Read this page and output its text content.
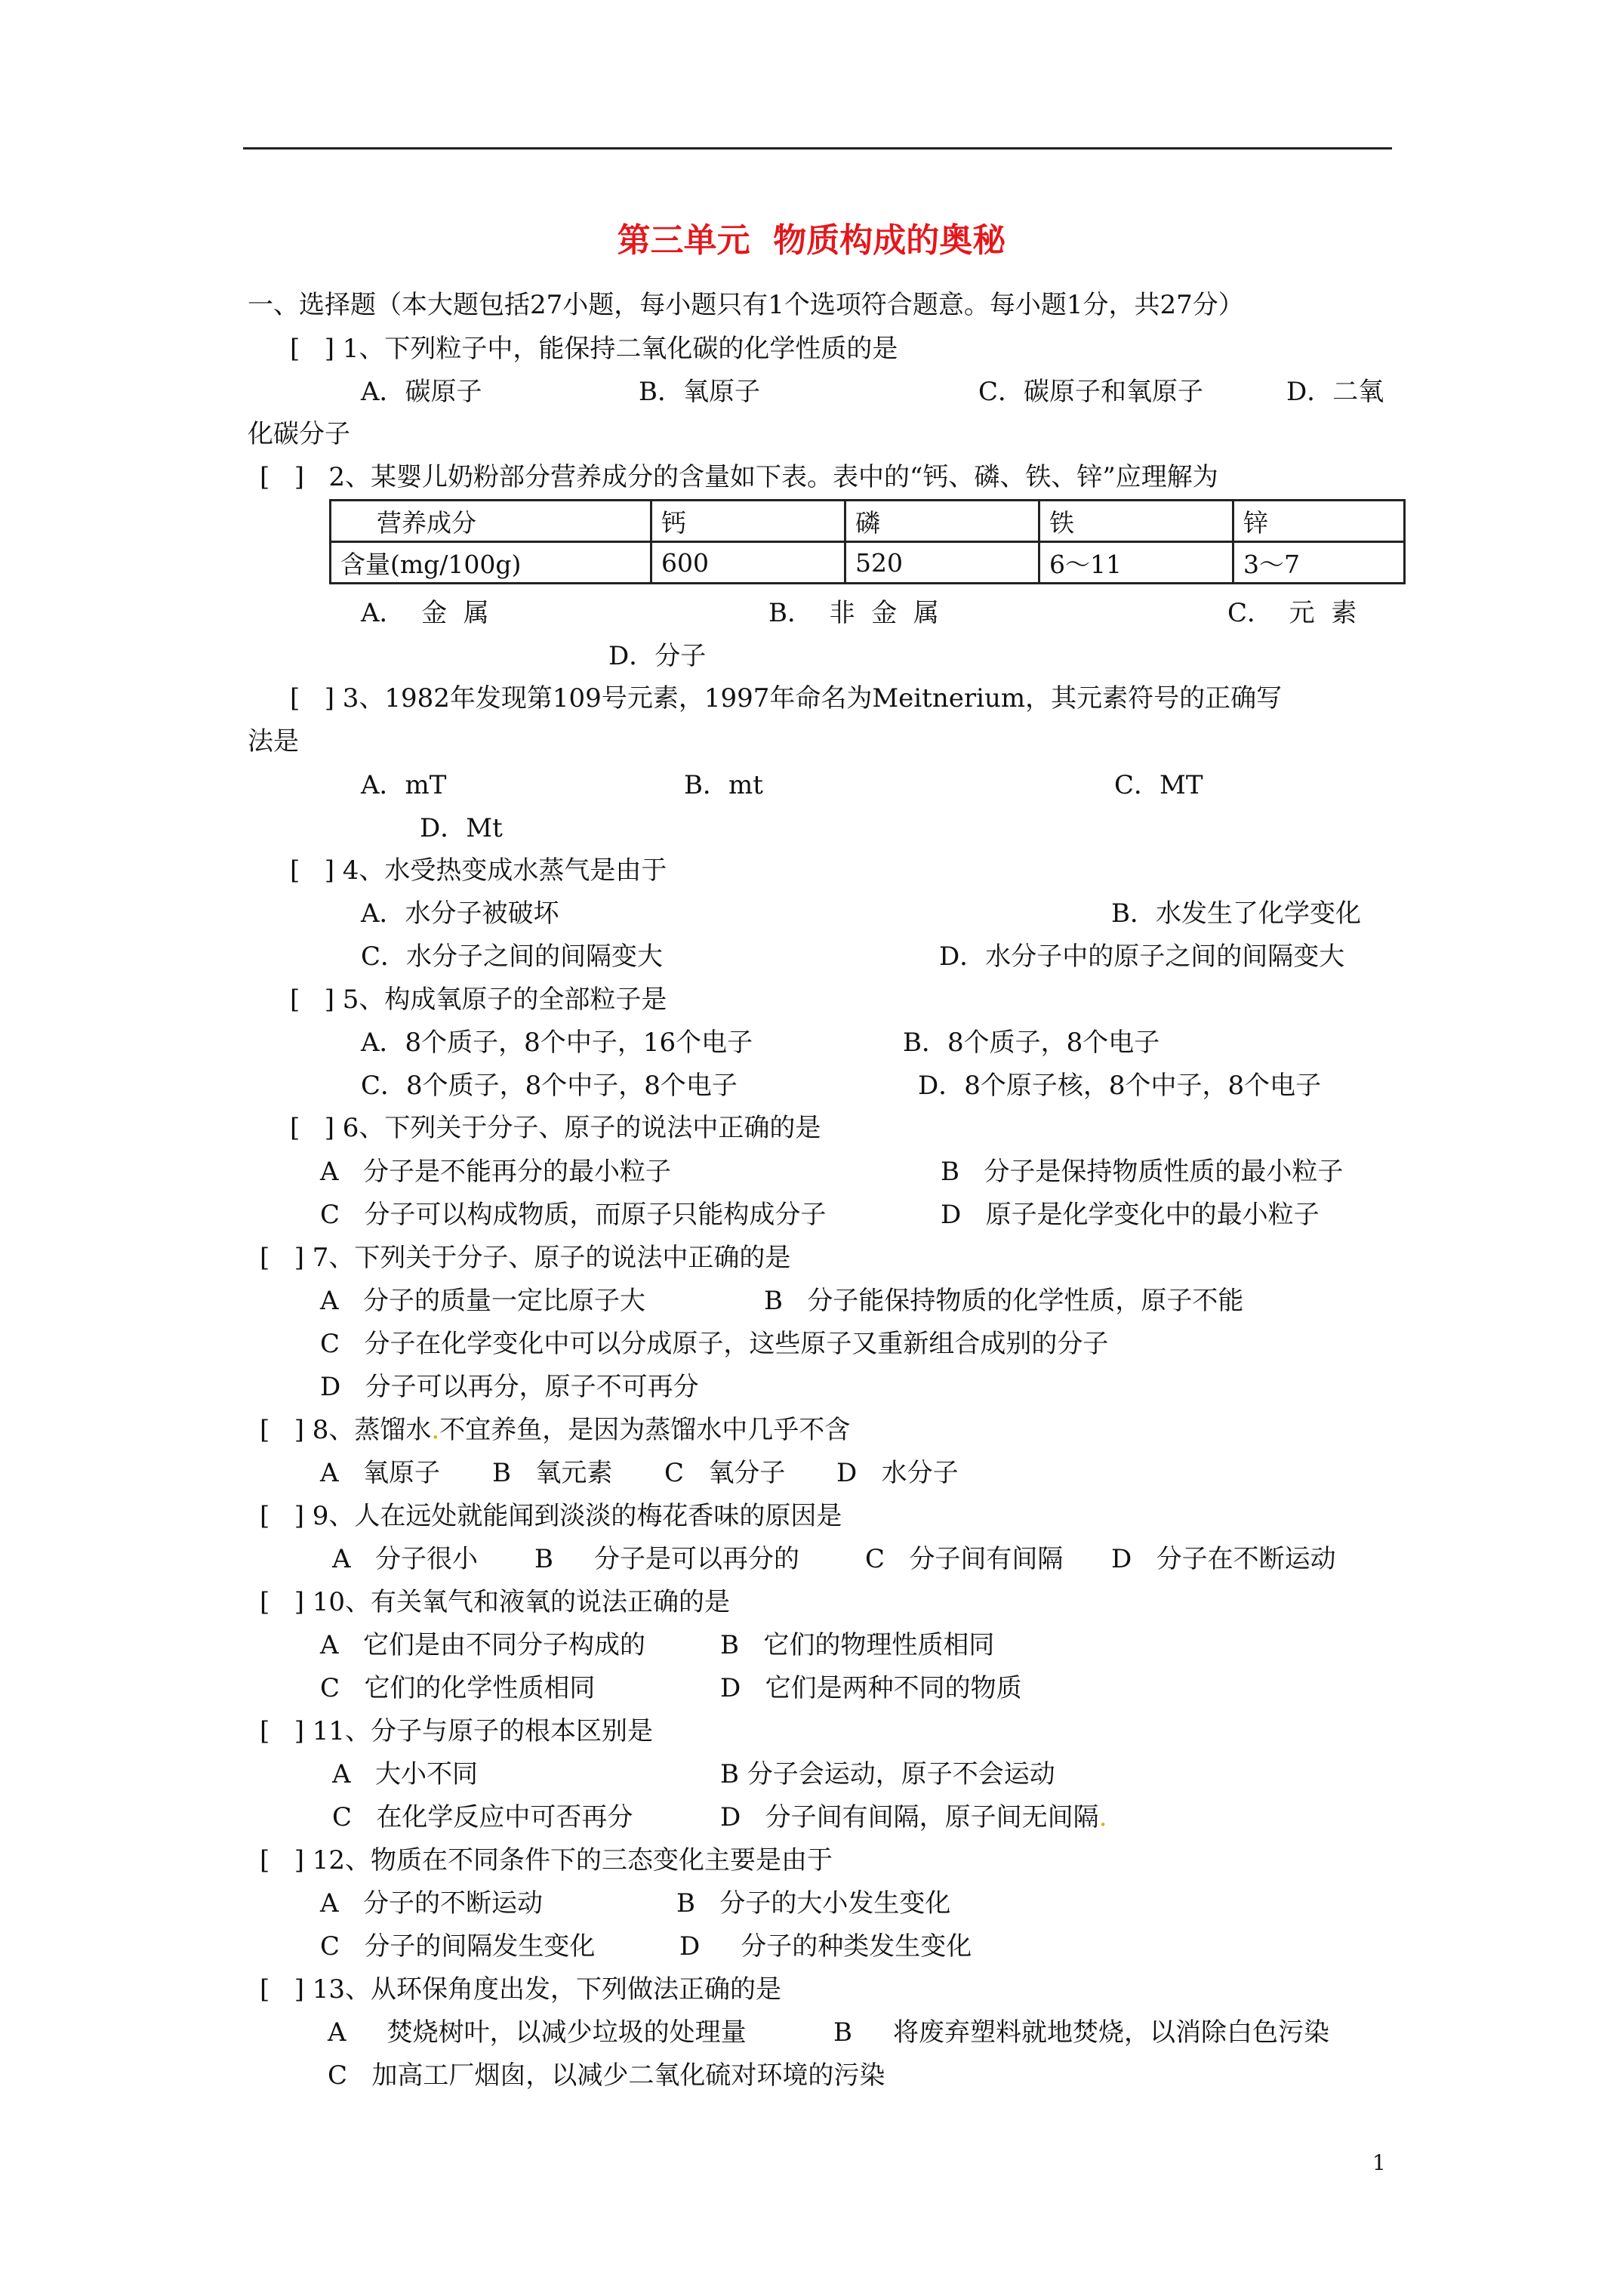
第三单元  物质构成的奥秘
一、选择题（本大题包括27小题，每小题只有1个选项符合题意。每小题1分，共27分）
[   ] 1、下列粒子中，能保持二氧化碳的化学性质的是
A．碳原子	B．氧原子	C．碳原子和氧原子	D．二氧
化碳分子
[   ]   2、某婴儿奶粉部分营养成分的含量如下表。表中的“钙、磷、铁、锌”应理解为
营养成分	钙	磷	铁	锌
含量(mg/100g)	600	520	6～11	3～7
A．  金  属	B．  非  金  属	C．  元  素
D．分子
[   ] 3、1982年发现第109号元素，1997年命名为Meitnerium，其元素符号的正确写
法是
A．mT	B．mt	C．MT
D．Mt
[   ] 4、水受热变成水蒸气是由于
A．水分子被破坏	B．水发生了化学变化
C．水分子之间的间隔变大	D．水分子中的原子之间的间隔变大
[   ] 5、构成氧原子的全部粒子是
A．8个质子，8个中子，16个电子	B．8个质子，8个电子
C．8个质子，8个中子，8个电子	D．8个原子核，8个中子，8个电子
[   ] 6、下列关于分子、原子的说法中正确的是
A   分子是不能再分的最小粒子	B   分子是保持物质性质的最小粒子
C   分子可以构成物质，而原子只能构成分子	D   原子是化学变化中的最小粒子
[   ] 7、下列关于分子、原子的说法中正确的是
A   分子的质量一定比原子大	B   分子能保持物质的化学性质，原子不能
C   分子在化学变化中可以分成原子，这些原子又重新组合成别的分子
D   分子可以再分，原子不可再分
[   ] 8、蒸馏水.不宜养鱼，是因为蒸馏水中几乎不含
A   氧原子 B   氧元素 C   氧分子 D   水分子
[   ] 9、人在远处就能闻到淡淡的梅花香味的原因是
A   分子很小 B     分子是可以再分的	C   分子间有间隔 D   分子在不断运动
[   ] 10、有关氧气和液氧的说法正确的是
A   它们是由不同分子构成的	B   它们的物理性质相同
C   它们的化学性质相同	D   它们是两种不同的物质
[   ] 11、分子与原子的根本区别是
A   大小不同	B 分子会运动，原子不会运动
C   在化学反应中可否再分	D   分子间有间隔，原子间无间隔.
[   ] 12、物质在不同条件下的三态变化主要是由于
A   分子的不断运动	B   分子的大小发生变化
C   分子的间隔发生变化	D     分子的种类发生变化
[   ] 13、从环保角度出发，下列做法正确的是
A     焚烧树叶，以减少垃圾的处理量	B     将废弃塑料就地焚烧，以消除白色污染
C   加高工厂烟囱，以减少二氧化硫对环境的污染
1
